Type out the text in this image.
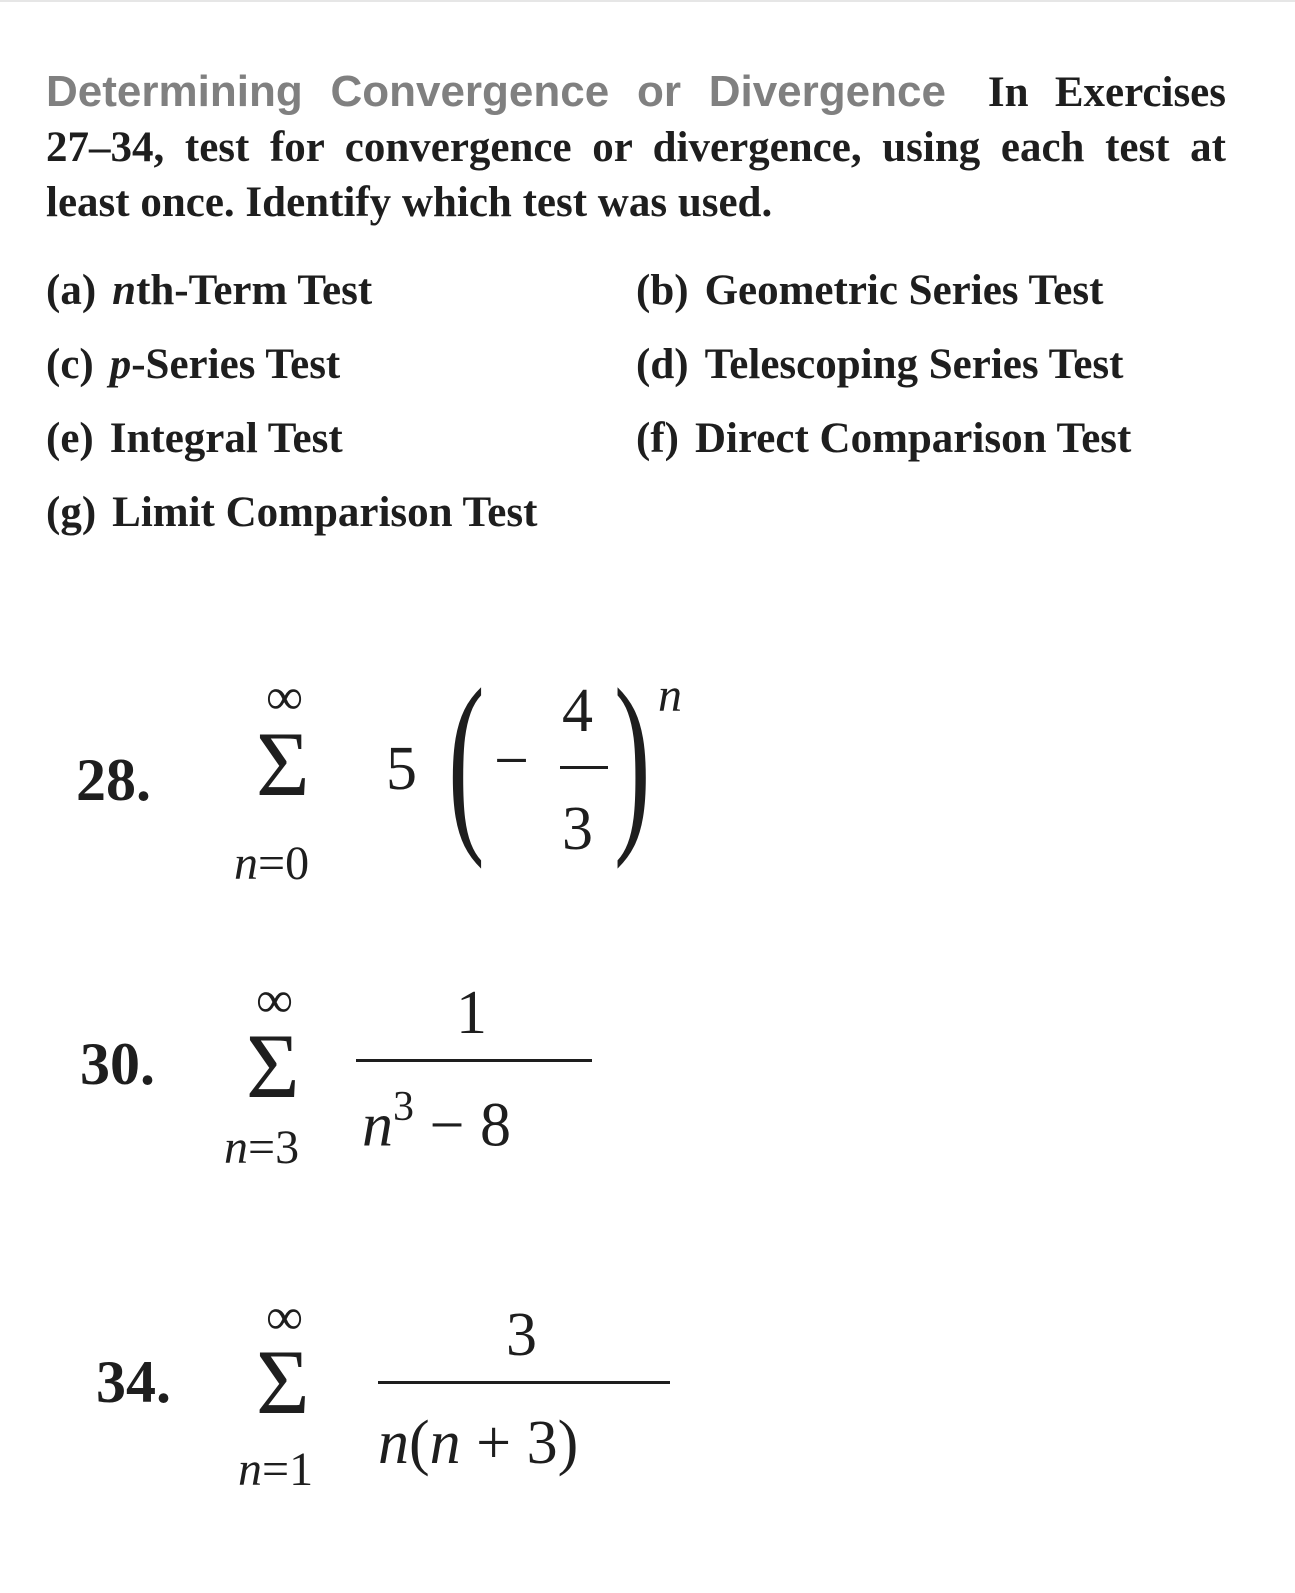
Determining Convergence or Divergence In Exercises 27–34, test for convergence or divergence, using each test at least once. Identify which test was used.
(a) nth-Term Test	(b) Geometric Series Test
(c) p-Series Test	(d) Telescoping Series Test
(e) Integral Test	(f) Direct Comparison Test
(g) Limit Comparison Test
28.
∞
Σ
n=0
5 ( −
4
3 ) n
30.
∞
Σ
n=3
1
$n^3 - 8$
34.
∞
Σ
n=1
3
n(n + 3)
